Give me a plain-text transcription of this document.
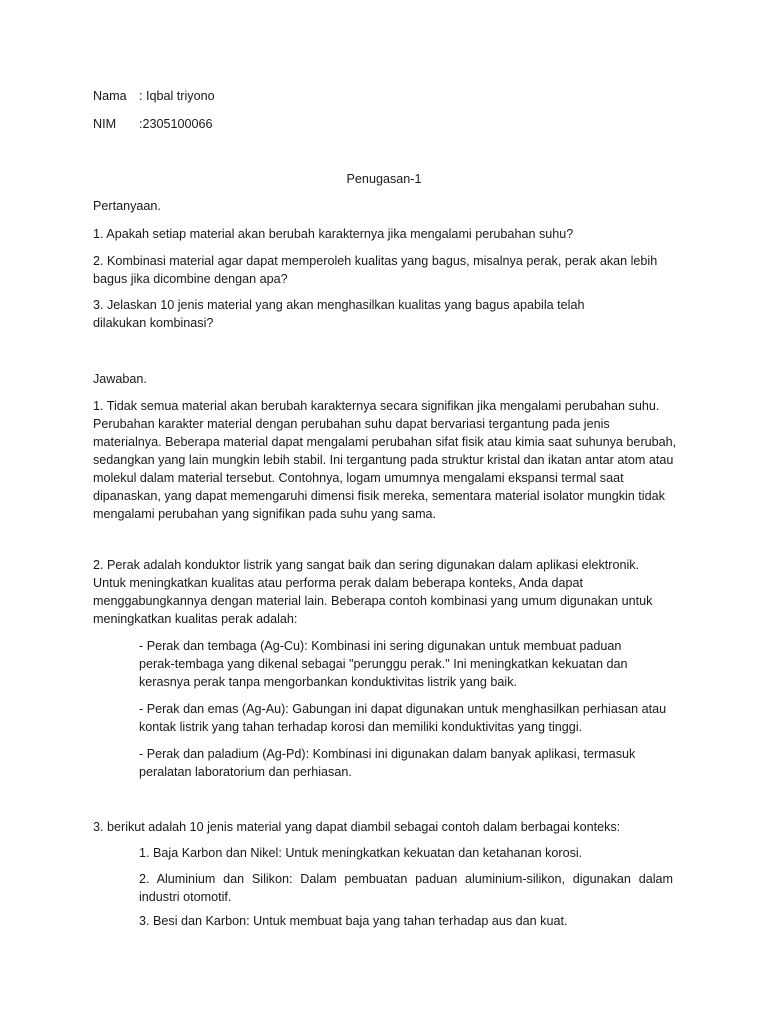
Nama : Iqbal triyono
NIM	:2305100066
Penugasan-1

Pertanyaan.

1. Apakah setiap material akan berubah karakternya jika mengalami perubahan suhu?

2. Kombinasi material agar dapat memperoleh kualitas yang bagus, misalnya perak, perak akan lebih bagus jika dicombine dengan apa?

3. Jelaskan 10 jenis material yang akan menghasilkan kualitas yang bagus apabila telah dilakukan kombinasi?

Jawaban.

1. Tidak semua material akan berubah karakternya secara signifikan jika mengalami perubahan suhu. Perubahan karakter material dengan perubahan suhu dapat bervariasi tergantung pada jenis materialnya. Beberapa material dapat mengalami perubahan sifat fisik atau kimia saat suhunya berubah, sedangkan yang lain mungkin lebih stabil. Ini tergantung pada struktur kristal dan ikatan antar atom atau molekul dalam material tersebut. Contohnya, logam umumnya mengalami ekspansi termal saat dipanaskan, yang dapat memengaruhi dimensi fisik mereka, sementara material isolator mungkin tidak mengalami perubahan yang signifikan pada suhu yang sama.

2. Perak adalah konduktor listrik yang sangat baik dan sering digunakan dalam aplikasi elektronik. Untuk meningkatkan kualitas atau performa perak dalam beberapa konteks, Anda dapat menggabungkannya dengan material lain. Beberapa contoh kombinasi yang umum digunakan untuk meningkatkan kualitas perak adalah:

- Perak dan tembaga (Ag-Cu): Kombinasi ini sering digunakan untuk membuat paduan perak-tembaga yang dikenal sebagai "perunggu perak." Ini meningkatkan kekuatan dan kerasnya perak tanpa mengorbankan konduktivitas listrik yang baik.

- Perak dan emas (Ag-Au): Gabungan ini dapat digunakan untuk menghasilkan perhiasan atau kontak listrik yang tahan terhadap korosi dan memiliki konduktivitas yang tinggi.

- Perak dan paladium (Ag-Pd): Kombinasi ini digunakan dalam banyak aplikasi, termasuk peralatan laboratorium dan perhiasan.

3. berikut adalah 10 jenis material yang dapat diambil sebagai contoh dalam berbagai konteks:

1. Baja Karbon dan Nikel: Untuk meningkatkan kekuatan dan ketahanan korosi.

2. Aluminium dan Silikon: Dalam pembuatan paduan aluminium-silikon, digunakan dalam industri otomotif.

3. Besi dan Karbon: Untuk membuat baja yang tahan terhadap aus dan kuat.
